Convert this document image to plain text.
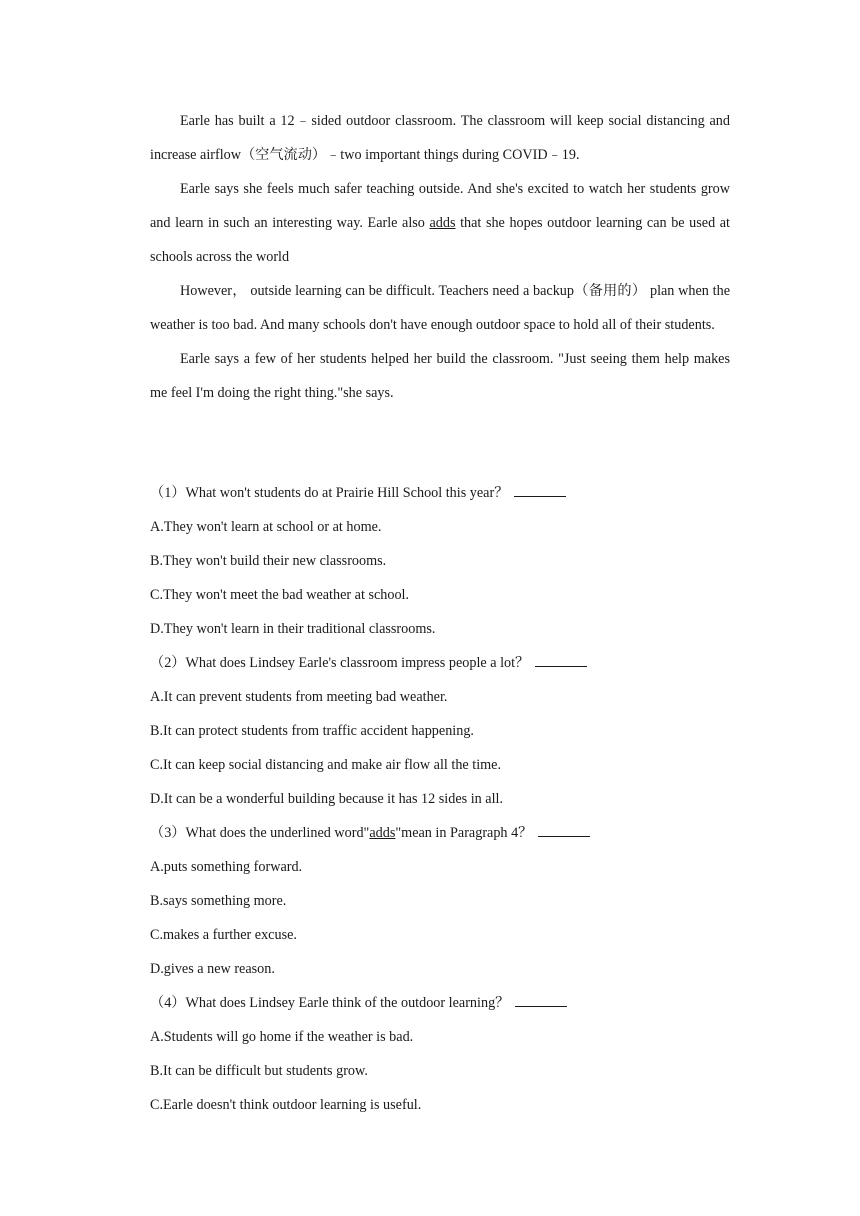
Earle has built a 12﹣sided outdoor classroom. The classroom will keep social distancing and increase airflow（空气流动）﹣two important things during COVID﹣19.

Earle says she feels much safer teaching outside. And she's excited to watch her students grow and learn in such an interesting way. Earle also adds that she hopes outdoor learning can be used at schools across the world

However， outside learning can be difficult. Teachers need a backup（备用的） plan when the weather is too bad. And many schools don't have enough outdoor space to hold all of their students.

Earle says a few of her students helped her build the classroom. "Just seeing them help makes me feel I'm doing the right thing."she says.

（1）What won't students do at Prairie Hill School this year？

A.They won't learn at school or at home.

B.They won't build their new classrooms.

C.They won't meet the bad weather at school.

D.They won't learn in their traditional classrooms.

（2）What does Lindsey Earle's classroom impress people a lot？

A.It can prevent students from meeting bad weather.

B.It can protect students from traffic accident happening.

C.It can keep social distancing and make air flow all the time.

D.It can be a wonderful building because it has 12 sides in all.

（3）What does the underlined word"adds"mean in Paragraph 4？

A.puts something forward.

B.says something more.

C.makes a further excuse.

D.gives a new reason.

（4）What does Lindsey Earle think of the outdoor learning？

A.Students will go home if the weather is bad.

B.It can be difficult but students grow.

C.Earle doesn't think outdoor learning is useful.
